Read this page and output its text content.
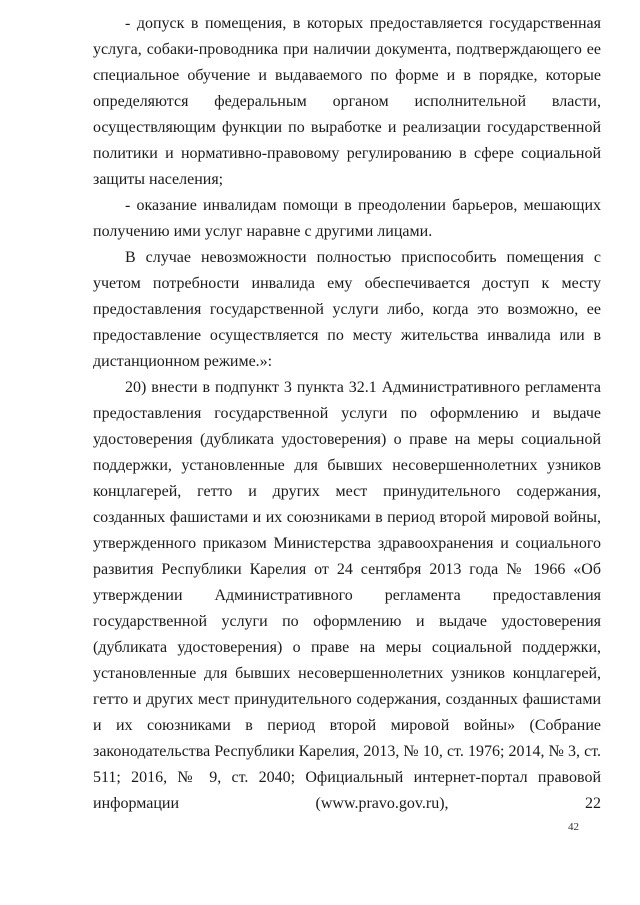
- допуск в помещения, в которых предоставляется государственная услуга, собаки-проводника при наличии документа, подтверждающего ее специальное обучение и выдаваемого по форме и в порядке, которые определяются федеральным органом исполнительной власти, осуществляющим функции по выработке и реализации государственной политики и нормативно-правовому регулированию в сфере социальной защиты населения;

- оказание инвалидам помощи в преодолении барьеров, мешающих получению ими услуг наравне с другими лицами.

В случае невозможности полностью приспособить помещения с учетом потребности инвалида ему обеспечивается доступ к месту предоставления государственной услуги либо, когда это возможно, ее предоставление осуществляется по месту жительства инвалида или в дистанционном режиме.»:

20) внести в подпункт 3 пункта 32.1 Административного регламента предоставления государственной услуги по оформлению и выдаче удостоверения (дубликата удостоверения) о праве на меры социальной поддержки, установленные для бывших несовершеннолетних узников концлагерей, гетто и других мест принудительного содержания, созданных фашистами и их союзниками в период второй мировой войны, утвержденного приказом Министерства здравоохранения и социального развития Республики Карелия от 24 сентября 2013 года № 1966 «Об утверждении Административного регламента предоставления государственной услуги по оформлению и выдаче удостоверения (дубликата удостоверения) о праве на меры социальной поддержки, установленные для бывших несовершеннолетних узников концлагерей, гетто и других мест принудительного содержания, созданных фашистами и их союзниками в период второй мировой войны» (Собрание законодательства Республики Карелия, 2013, № 10, ст. 1976; 2014, № 3, ст. 511; 2016, № 9, ст. 2040; Официальный интернет-портал правовой информации (www.pravo.gov.ru), 22

42
